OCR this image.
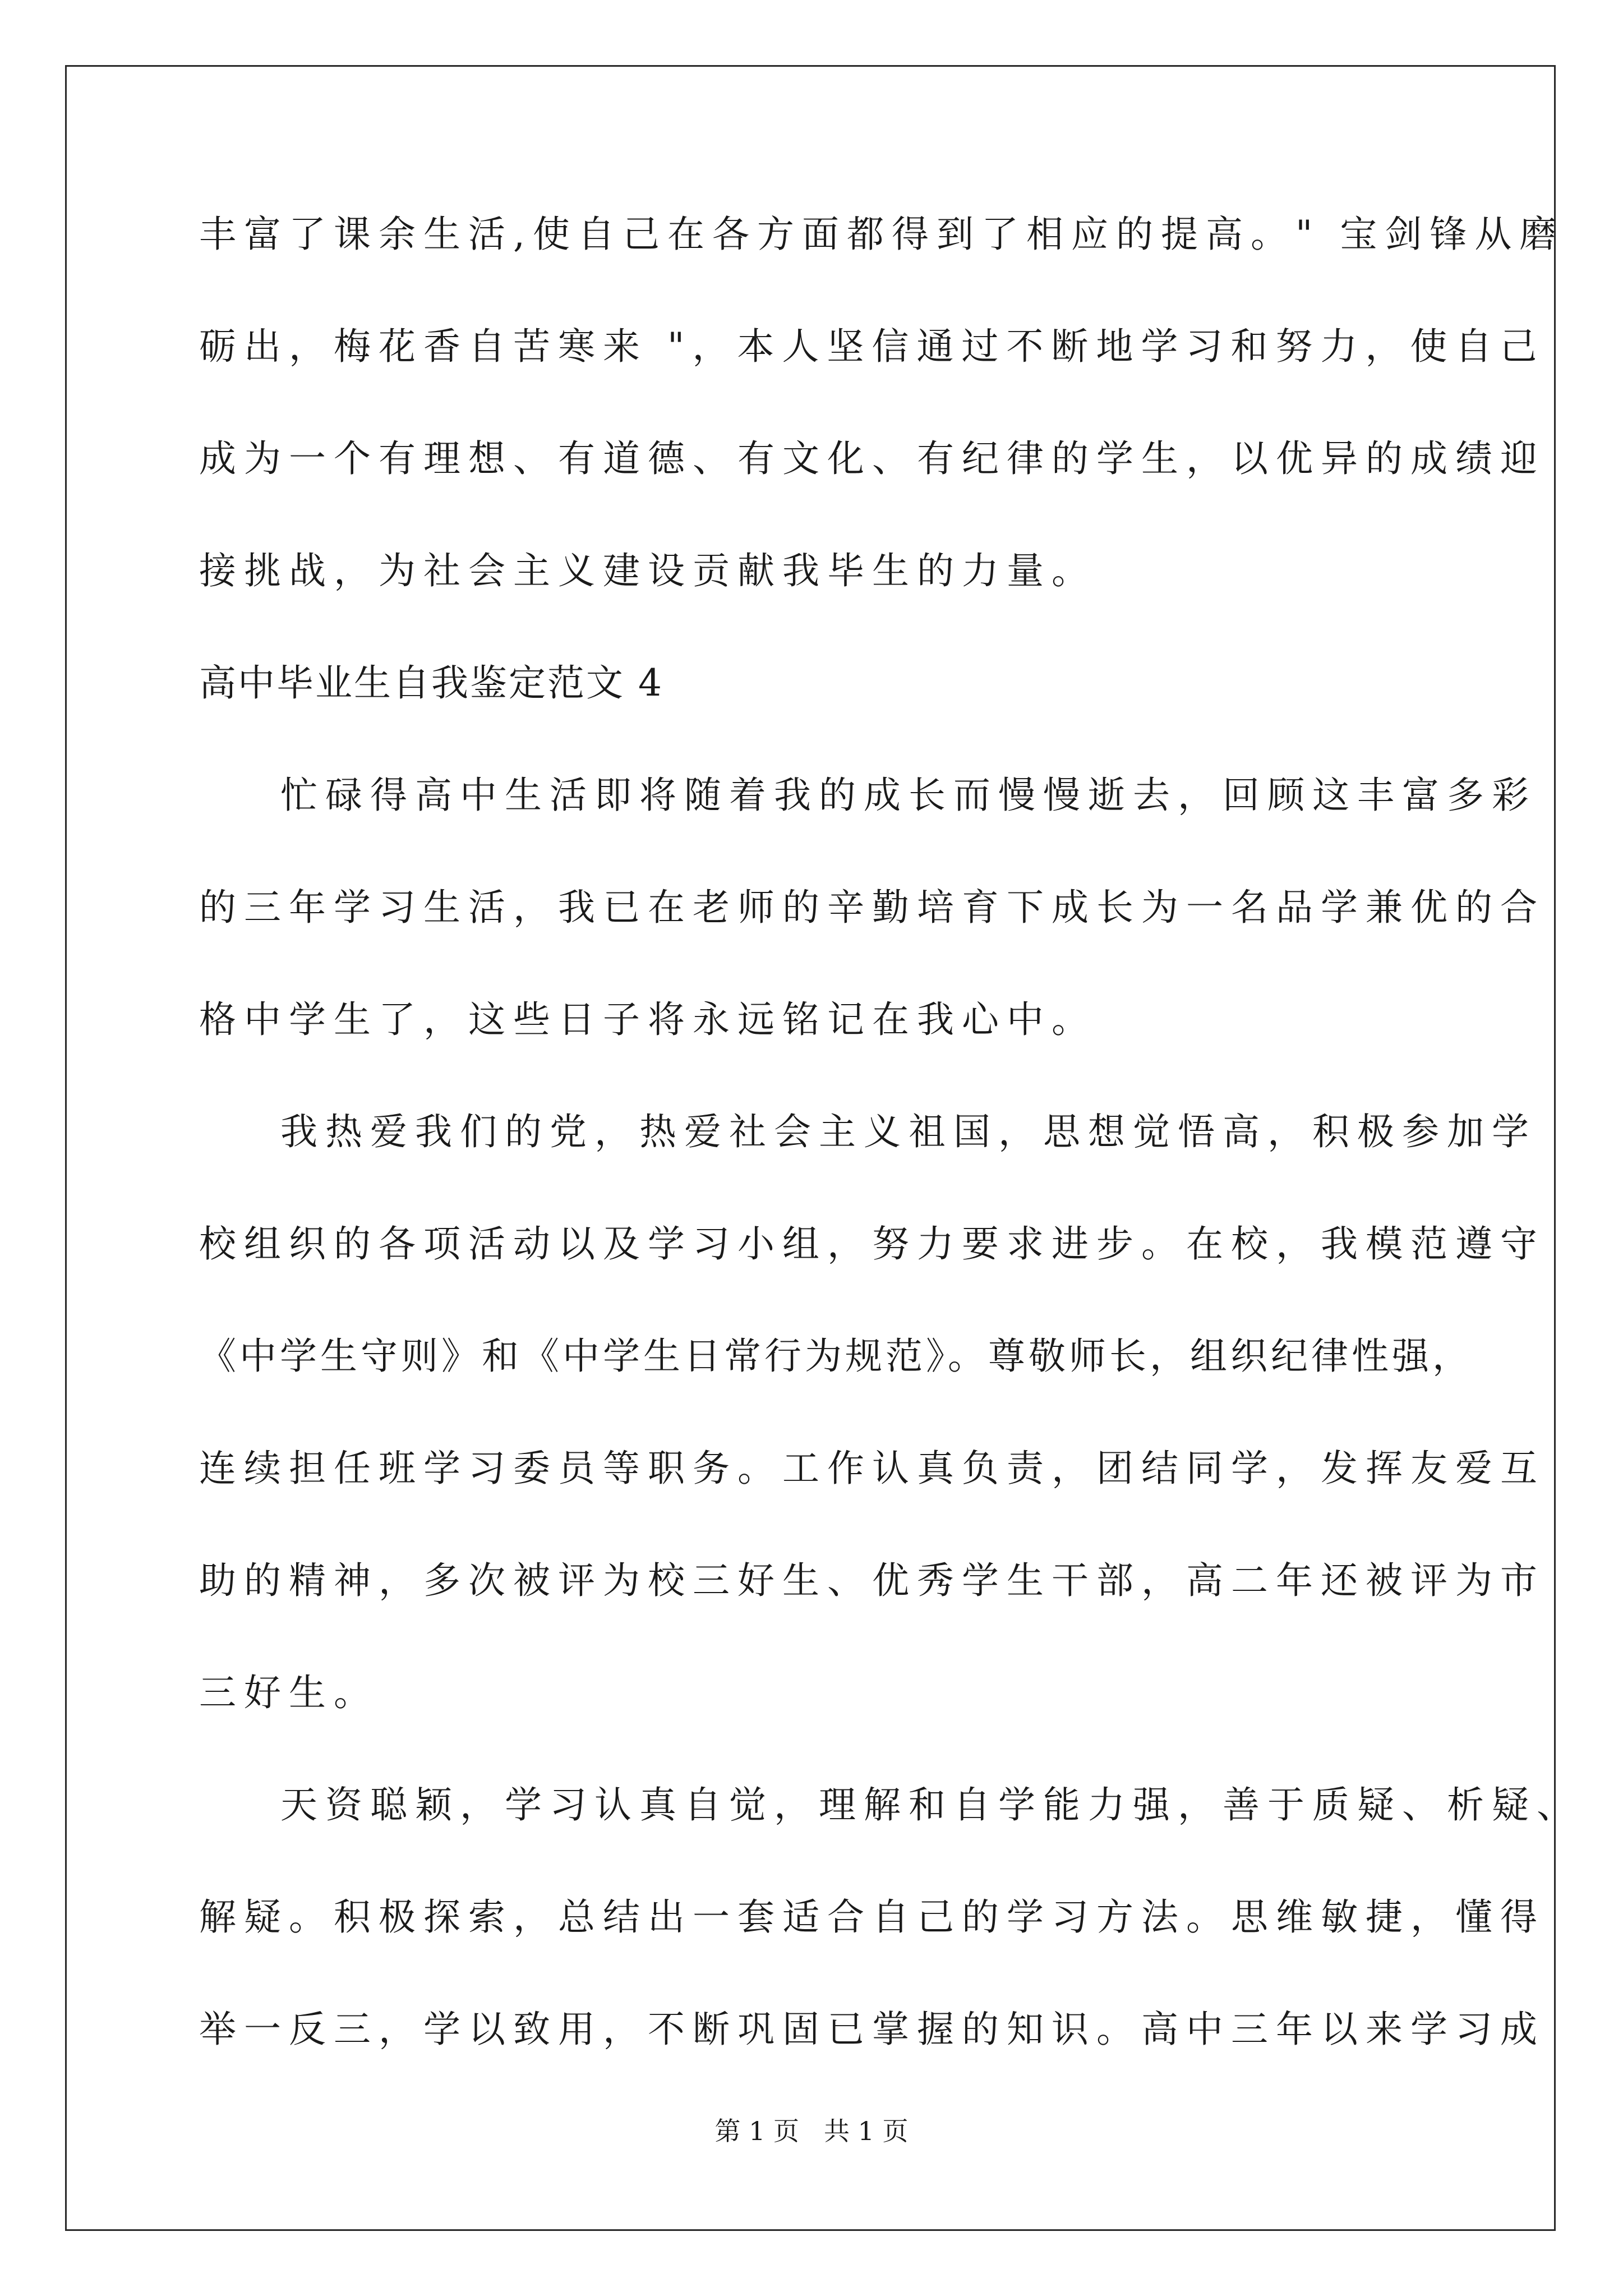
丰富了课余生活,使自己在各方面都得到了相应的提高。" 宝剑锋从磨
砺出，梅花香自苦寒来 "，本人坚信通过不断地学习和努力，使自己
成为一个有理想、有道德、有文化、有纪律的学生，以优异的成绩迎
接挑战，为社会主义建设贡献我毕生的力量。
高中毕业生自我鉴定范文 4
忙碌得高中生活即将随着我的成长而慢慢逝去，回顾这丰富多彩
的三年学习生活，我已在老师的辛勤培育下成长为一名品学兼优的合
格中学生了，这些日子将永远铭记在我心中。
我热爱我们的党，热爱社会主义祖国，思想觉悟高，积极参加学
校组织的各项活动以及学习小组，努力要求进步。在校，我模范遵守
《中学生守则》和《中学生日常行为规范》。尊敬师长，组织纪律性强，
连续担任班学习委员等职务。工作认真负责，团结同学，发挥友爱互
助的精神，多次被评为校三好生、优秀学生干部，高二年还被评为市
三好生。
天资聪颖，学习认真自觉，理解和自学能力强，善于质疑、析疑、
解疑。积极探索，总结出一套适合自己的学习方法。思维敏捷，懂得
举一反三，学以致用，不断巩固已掌握的知识。高中三年以来学习成
第 1 页 共 1 页
